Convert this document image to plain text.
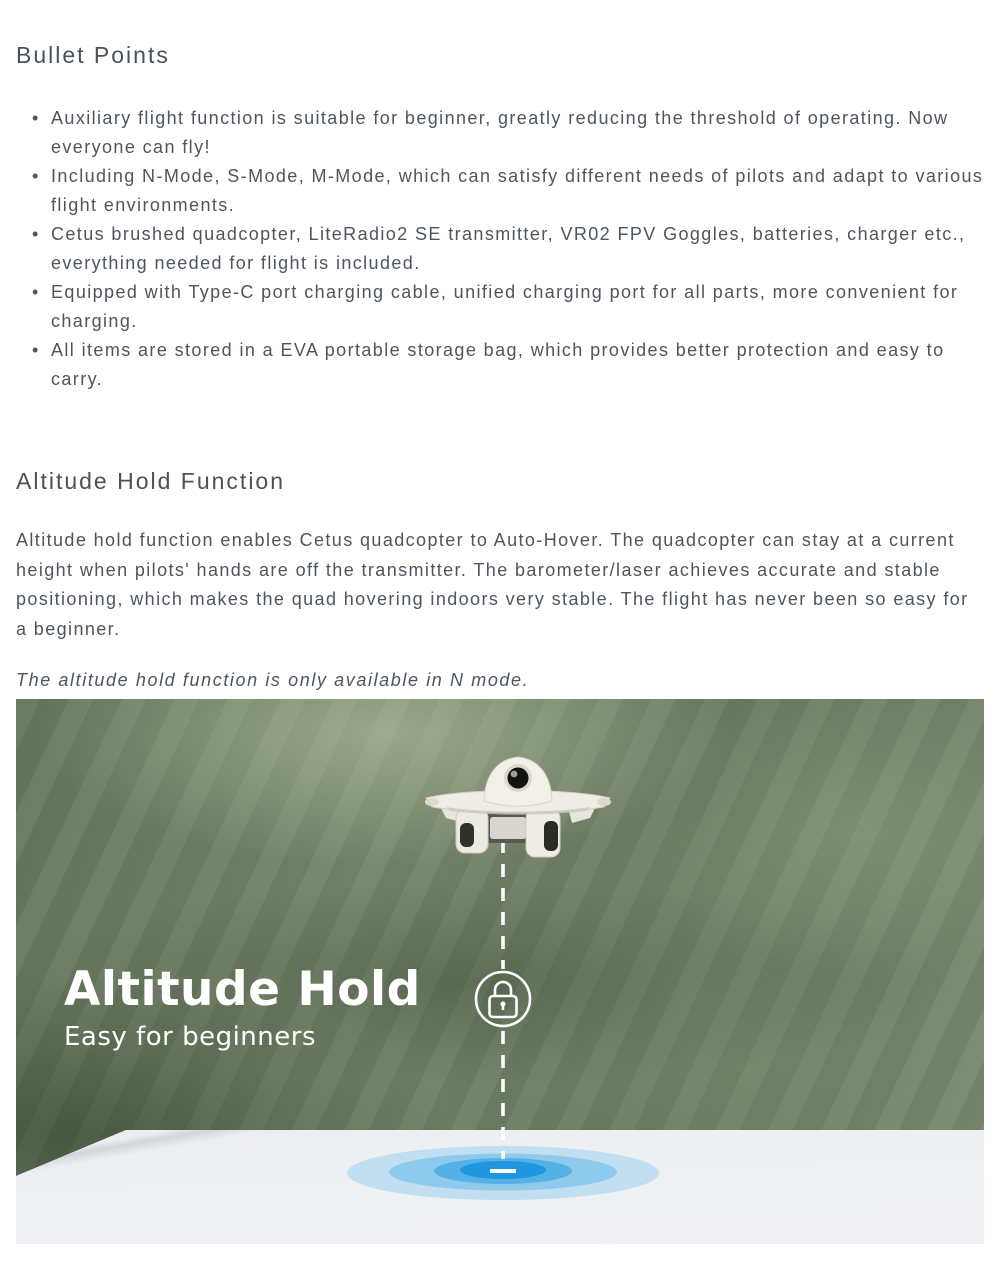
Bullet Points
• Auxiliary flight function is suitable for beginner, greatly reducing the threshold of operating. Now everyone can fly!
• Including N-Mode, S-Mode, M-Mode, which can satisfy different needs of pilots and adapt to various flight environments.
• Cetus brushed quadcopter, LiteRadio2 SE transmitter, VR02 FPV Goggles, batteries, charger etc., everything needed for flight is included.
• Equipped with Type-C port charging cable, unified charging port for all parts, more convenient for charging.
• All items are stored in a EVA portable storage bag, which provides better protection and easy to carry.
Altitude Hold Function

Altitude hold function enables Cetus quadcopter to Auto-Hover. The quadcopter can stay at a current height when pilots' hands are off the transmitter. The barometer/laser achieves accurate and stable positioning, which makes the quad hovering indoors very stable. The flight has never been so easy for a beginner.

The altitude hold function is only available in N mode.

Altitude Hold
Easy for beginners
